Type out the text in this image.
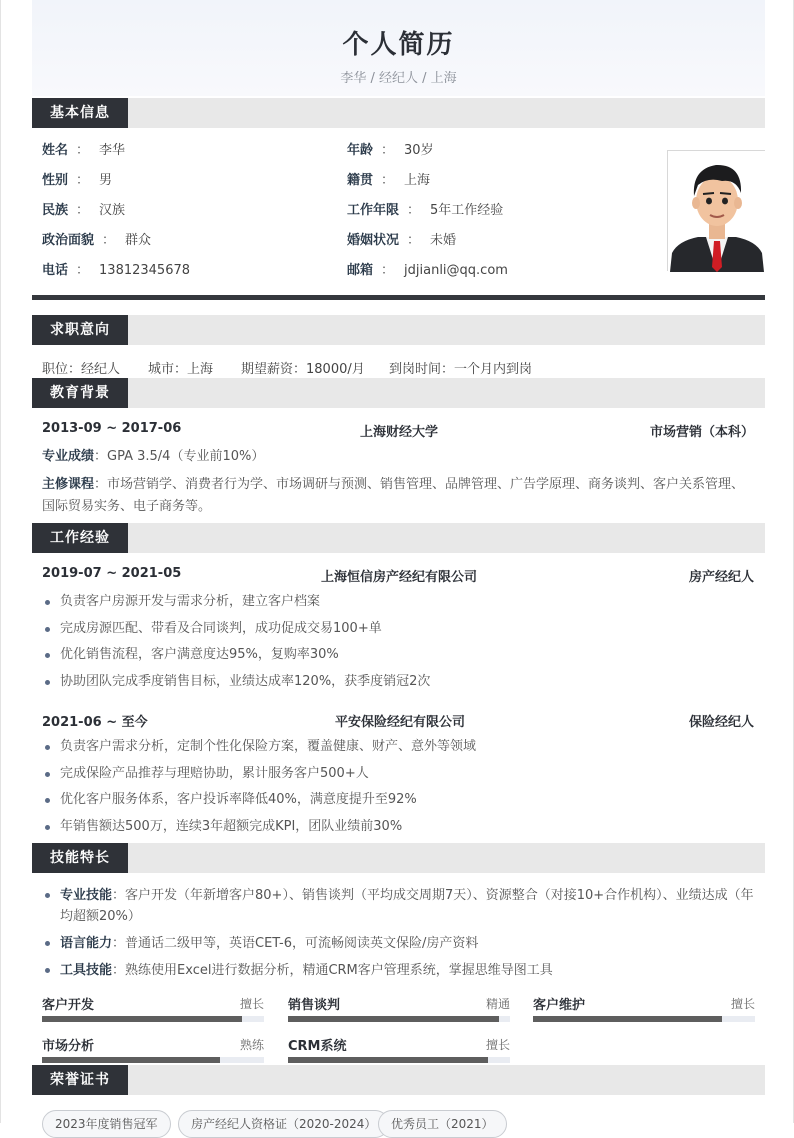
个人简历
李华 / 经纪人 / 上海
基本信息
姓名 ： 李华
性别 ： 男
民族 ： 汉族
政治面貌 ： 群众
电话 ： 13812345678
年龄 ： 30岁
籍贯 ： 上海
工作年限 ： 5年工作经验
婚姻状况 ： 未婚
邮箱 ： jdjianli@qq.com
求职意向
职位：经纪人 城市：上海 期望薪资：18000/月 到岗时间：一个月内到岗
教育背景
2013-09 ~ 2017-06	上海财经大学	市场营销（本科）
专业成绩：GPA 3.5/4（专业前10%）
主修课程：市场营销学、消费者行为学、市场调研与预测、销售管理、品牌管理、广告学原理、商务谈判、客户关系管理、国际贸易实务、电子商务等。
工作经验
2019-07 ~ 2021-05	上海恒信房产经纪有限公司	房产经纪人
负责客户房源开发与需求分析，建立客户档案
完成房源匹配、带看及合同谈判，成功促成交易100+单
优化销售流程，客户满意度达95%，复购率30%
协助团队完成季度销售目标，业绩达成率120%，获季度销冠2次
2021-06 ~ 至今	平安保险经纪有限公司	保险经纪人
负责客户需求分析，定制个性化保险方案，覆盖健康、财产、意外等领域
完成保险产品推荐与理赔协助，累计服务客户500+人
优化客户服务体系，客户投诉率降低40%，满意度提升至92%
年销售额达500万，连续3年超额完成KPI，团队业绩前30%
技能特长
专业技能：客户开发（年新增客户80+）、销售谈判（平均成交周期7天）、资源整合（对接10+合作机构）、业绩达成（年均超额20%）
语言能力：普通话二级甲等，英语CET-6，可流畅阅读英文保险/房产资料
工具技能：熟练使用Excel进行数据分析，精通CRM客户管理系统，掌握思维导图工具
客户开发	擅长 销售谈判	精通 客户维护	擅长
市场分析	熟练 CRM系统	擅长
荣誉证书
2023年度销售冠军	房产经纪人资格证（2020-2024）	优秀员工（2021）
